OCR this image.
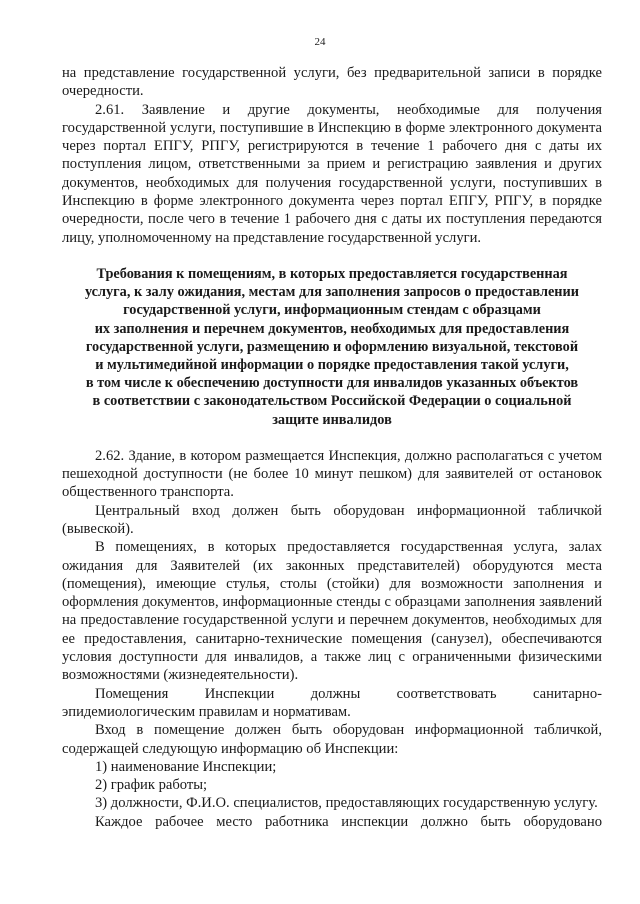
24

на представление государственной услуги, без предварительной записи в порядке очередности.

2.61. Заявление и другие документы, необходимые для получения государственной услуги, поступившие в Инспекцию в форме электронного документа через портал ЕПГУ, РПГУ, регистрируются в течение 1 рабочего дня с даты их поступления лицом, ответственными за прием и регистрацию заявления и других документов, необходимых для получения государственной услуги, поступивших в Инспекцию в форме электронного документа через портал ЕПГУ, РПГУ, в порядке очередности, после чего в течение 1 рабочего дня с даты их поступления передаются лицу, уполномоченному на представление государственной услуги.

Требования к помещениям, в которых предоставляется государственная
услуга, к залу ожидания, местам для заполнения запросов о предоставлении
государственной услуги, информационным стендам с образцами
их заполнения и перечнем документов, необходимых для предоставления
государственной услуги, размещению и оформлению визуальной, текстовой
и мультимедийной информации о порядке предоставления такой услуги,
в том числе к обеспечению доступности для инвалидов указанных объектов
в соответствии с законодательством Российской Федерации о социальной
защите инвалидов

2.62. Здание, в котором размещается Инспекция, должно располагаться с учетом пешеходной доступности (не более 10 минут пешком) для заявителей от остановок общественного транспорта.

Центральный вход должен быть оборудован информационной табличкой (вывеской).

В помещениях, в которых предоставляется государственная услуга, залах ожидания для Заявителей (их законных представителей) оборудуются места (помещения), имеющие стулья, столы (стойки) для возможности заполнения и оформления документов, информационные стенды с образцами заполнения заявлений на предоставление государственной услуги и перечнем документов, необходимых для ее предоставления, санитарно-технические помещения (санузел), обеспечиваются условия доступности для инвалидов, а также лиц с ограниченными физическими возможностями (жизнедеятельности).

Помещения Инспекции должны соответствовать санитарно-эпидемиологическим правилам и нормативам.

Вход в помещение должен быть оборудован информационной табличкой, содержащей следующую информацию об Инспекции:

1) наименование Инспекции;

2) график работы;

3) должности, Ф.И.О. специалистов, предоставляющих государственную услугу.

Каждое рабочее место работника инспекции должно быть оборудовано
